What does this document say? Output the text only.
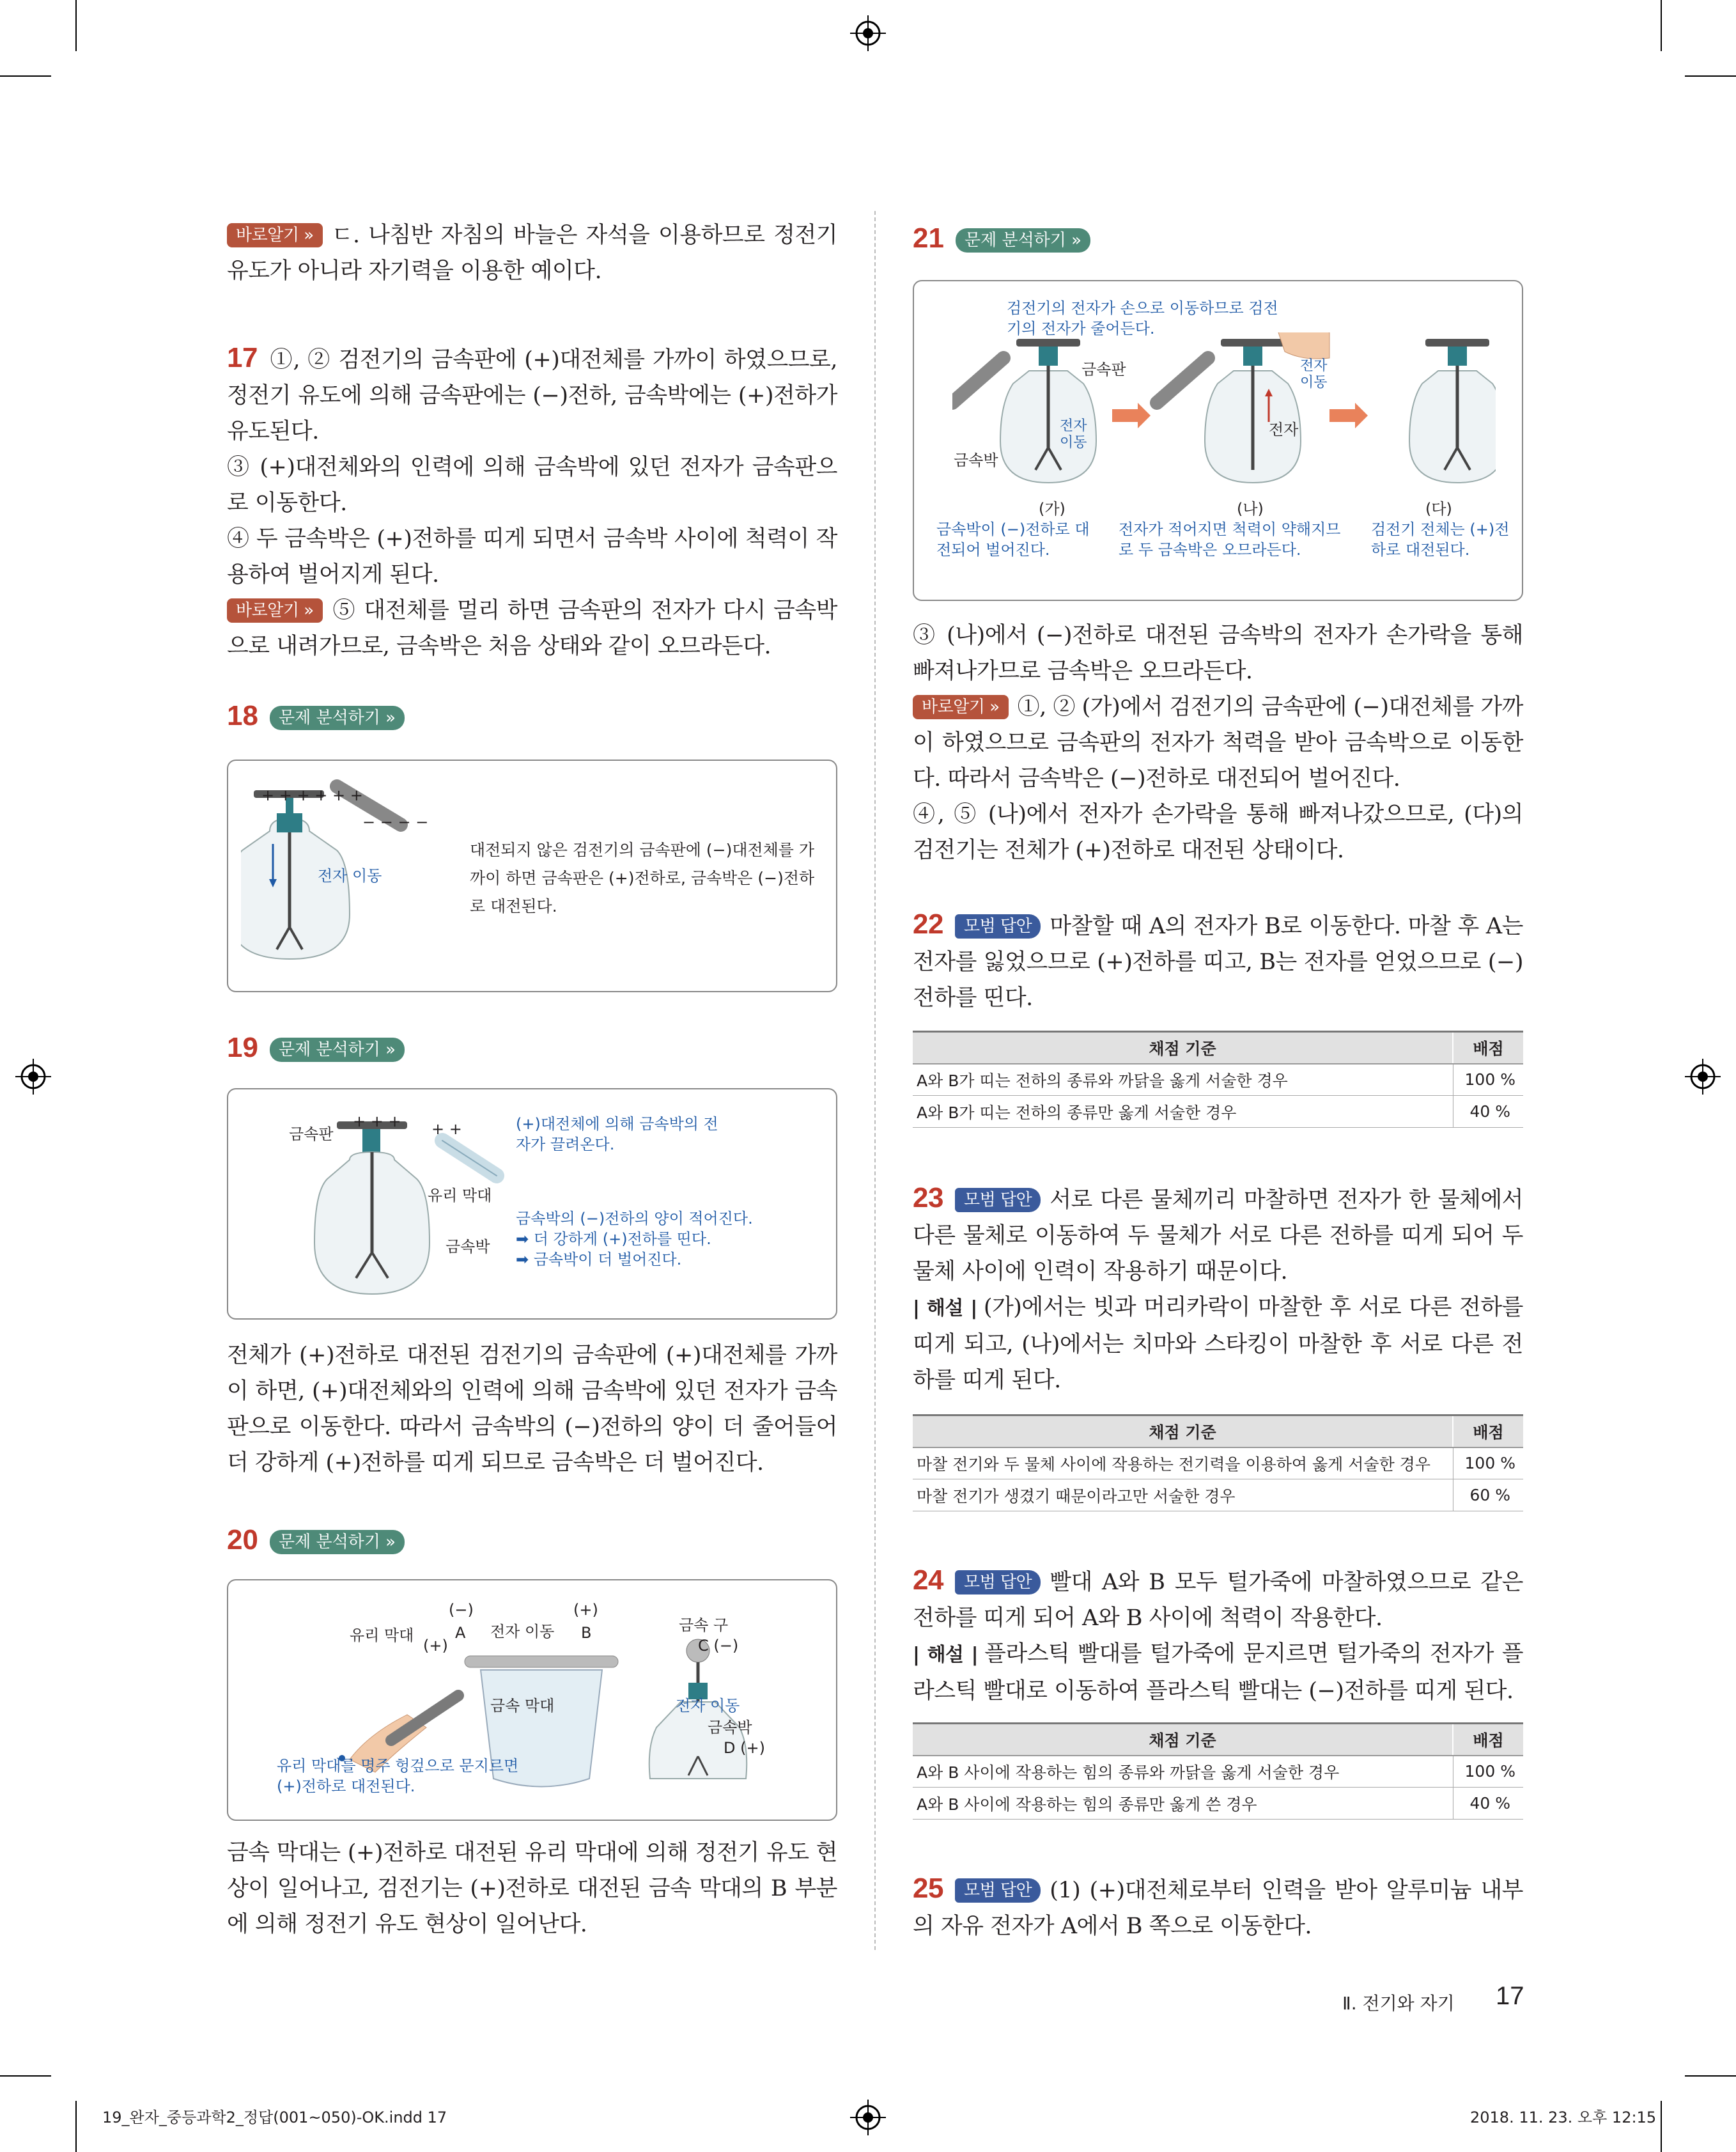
바로알기 » ㄷ. 나침반 자침의 바늘은 자석을 이용하므로 정전기 유도가 아니라 자기력을 이용한 예이다.

17 ①, ② 검전기의 금속판에 (+)대전체를 가까이 하였으므로, 정전기 유도에 의해 금속판에는 (−)전하, 금속박에는 (+)전하가 유도된다.

③ (+)대전체와의 인력에 의해 금속박에 있던 전자가 금속판으로 이동한다.

④ 두 금속박은 (+)전하를 띠게 되면서 금속박 사이에 척력이 작용하여 벌어지게 된다.

바로알기 » ⑤ 대전체를 멀리 하면 금속판의 전자가 다시 금속박으로 내려가므로, 금속박은 처음 상태와 같이 오므라든다.

18 문제 분석하기 »
+ + + + + +
− − − −
전자 이동
대전되지 않은 검전기의 금속판에 (−)대전체를 가까이 하면 금속판은 (+)전하로, 금속박은 (−)전하로 대전된다.
19 문제 분석하기 »
금속판
+ + + + +
유리 막대
금속박
(+)대전체에 의해 금속박의 전자가 끌려온다.
금속박의 (−)전하의 양이 적어진다.
➡ 더 강하게 (+)전하를 띤다.
➡ 금속박이 더 벌어진다.

전체가 (+)전하로 대전된 검전기의 금속판에 (+)대전체를 가까이 하면, (+)대전체와의 인력에 의해 금속박에 있던 전자가 금속판으로 이동한다. 따라서 금속박의 (−)전하의 양이 더 줄어들어 더 강하게 (+)전하를 띠게 되므로 금속박은 더 벌어진다.

20 문제 분석하기 »
유리 막대
(+)
(−)
A 전자 이동
(+)
B	금속 구
C (−)
금속 막대	전자 이동
금속박
D (+)
유리 막대를 명주 헝겊으로 문지르면 (+)전하로 대전된다.

금속 막대는 (+)전하로 대전된 유리 막대에 의해 정전기 유도 현상이 일어나고, 검전기는 (+)전하로 대전된 금속 막대의 B 부분에 의해 정전기 유도 현상이 일어난다.

21 문제 분석하기 »
검전기의 전자가 손으로 이동하므로 검전기의 전자가 줄어든다.
금속판
전자 이동
금속박
전자
전자 이동
(가)	(나)	(다)
금속박이 (−)전하로 대전되어 벌어진다.
전자가 적어지면 척력이 약해지므로 두 금속박은 오므라든다.
검전기 전체는 (+)전하로 대전된다.

③ (나)에서 (−)전하로 대전된 금속박의 전자가 손가락을 통해 빠져나가므로 금속박은 오므라든다.

바로알기 » ①, ② (가)에서 검전기의 금속판에 (−)대전체를 가까이 하였으므로 금속판의 전자가 척력을 받아 금속박으로 이동한다. 따라서 금속박은 (−)전하로 대전되어 벌어진다.

④, ⑤ (나)에서 전자가 손가락을 통해 빠져나갔으므로, (다)의 검전기는 전체가 (+)전하로 대전된 상태이다.

22 모범 답안 마찰할 때 A의 전자가 B로 이동한다. 마찰 후 A는 전자를 잃었으므로 (+)전하를 띠고, B는 전자를 얻었으므로 (−)전하를 띤다.

채점 기준	배점
A와 B가 띠는 전하의 종류와 까닭을 옳게 서술한 경우	100 %
A와 B가 띠는 전하의 종류만 옳게 서술한 경우	40 %

23 모범 답안 서로 다른 물체끼리 마찰하면 전자가 한 물체에서 다른 물체로 이동하여 두 물체가 서로 다른 전하를 띠게 되어 두 물체 사이에 인력이 작용하기 때문이다.

| 해설 | (가)에서는 빗과 머리카락이 마찰한 후 서로 다른 전하를 띠게 되고, (나)에서는 치마와 스타킹이 마찰한 후 서로 다른 전하를 띠게 된다.

채점 기준	배점
마찰 전기와 두 물체 사이에 작용하는 전기력을 이용하여 옳게 서술한 경우	100 %
마찰 전기가 생겼기 때문이라고만 서술한 경우	60 %

24 모범 답안 빨대 A와 B 모두 털가죽에 마찰하였으므로 같은 전하를 띠게 되어 A와 B 사이에 척력이 작용한다.

| 해설 | 플라스틱 빨대를 털가죽에 문지르면 털가죽의 전자가 플라스틱 빨대로 이동하여 플라스틱 빨대는 (−)전하를 띠게 된다.

채점 기준	배점
A와 B 사이에 작용하는 힘의 종류와 까닭을 옳게 서술한 경우	100 %
A와 B 사이에 작용하는 힘의 종류만 옳게 쓴 경우	40 %

25 모범 답안 (1) (+)대전체로부터 인력을 받아 알루미늄 내부의 자유 전자가 A에서 B 쪽으로 이동한다.

Ⅱ. 전기와 자기 17
19_완자_중등과학2_정답(001~050)-OK.indd 17	2018. 11. 23. 오후 12:15
